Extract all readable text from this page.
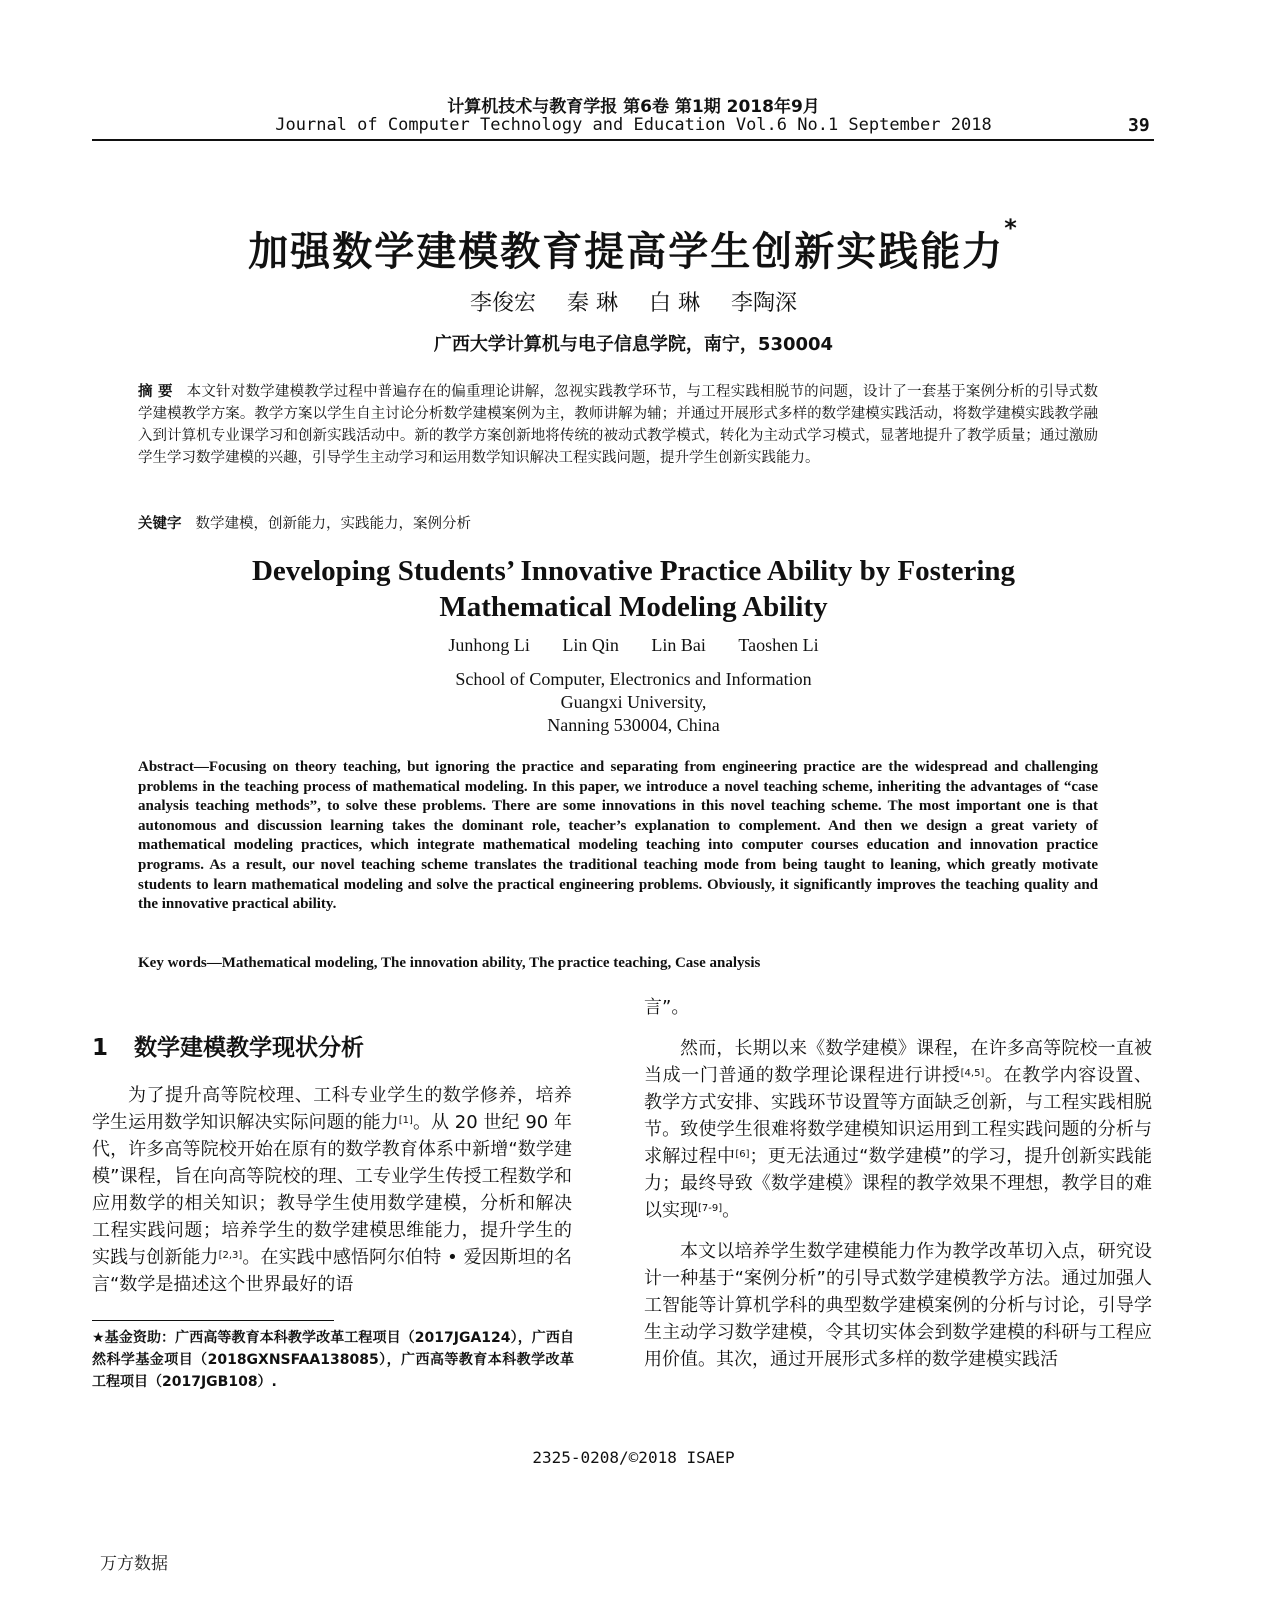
计算机技术与教育学报 第6卷 第1期 2018年9月
Journal of Computer Technology and Education Vol.6 No.1 September 2018	39
加强数学建模教育提高学生创新实践能力*
李俊宏 秦 琳 白 琳 李陶深
广西大学计算机与电子信息学院，南宁，530004
摘 要 本文针对数学建模教学过程中普遍存在的偏重理论讲解，忽视实践教学环节，与工程实践相脱节的问题，设计了一套基于案例分析的引导式数学建模教学方案。教学方案以学生自主讨论分析数学建模案例为主，教师讲解为辅；并通过开展形式多样的数学建模实践活动，将数学建模实践教学融入到计算机专业课学习和创新实践活动中。新的教学方案创新地将传统的被动式教学模式，转化为主动式学习模式，显著地提升了教学质量；通过激励学生学习数学建模的兴趣，引导学生主动学习和运用数学知识解决工程实践问题，提升学生创新实践能力。
关键字 数学建模，创新能力，实践能力，案例分析
Developing Students’ Innovative Practice Ability by Fostering
Mathematical Modeling Ability
Junhong Li Lin Qin Lin Bai Taoshen Li
School of Computer, Electronics and Information
Guangxi University,
Nanning 530004, China
Abstract—Focusing on theory teaching, but ignoring the practice and separating from engineering practice are the widespread and challenging problems in the teaching process of mathematical modeling. In this paper, we introduce a novel teaching scheme, inheriting the advantages of “case analysis teaching methods”, to solve these problems. There are some innovations in this novel teaching scheme. The most important one is that autonomous and discussion learning takes the dominant role, teacher’s explanation to complement. And then we design a great variety of mathematical modeling practices, which integrate mathematical modeling teaching into computer courses education and innovation practice programs. As a result, our novel teaching scheme translates the traditional teaching mode from being taught to leaning, which greatly motivate students to learn mathematical modeling and solve the practical engineering problems. Obviously, it significantly improves the teaching quality and the innovative practical ability.
Key words—Mathematical modeling, The innovation ability, The practice teaching, Case analysis
1 数学建模教学现状分析

为了提升高等院校理、工科专业学生的数学修养，培养学生运用数学知识解决实际问题的能力[1]。从 20 世纪 90 年代，许多高等院校开始在原有的数学教育体系中新增“数学建模”课程，旨在向高等院校的理、工专业学生传授工程数学和应用数学的相关知识；教导学生使用数学建模，分析和解决工程实践问题；培养学生的数学建模思维能力，提升学生的实践与创新能力[2,3]。在实践中感悟阿尔伯特 • 爱因斯坦的名言“数学是描述这个世界最好的语

★基金资助：广西高等教育本科教学改革工程项目（2017JGA124），广西自然科学基金项目（2018GXNSFAA138085），广西高等教育本科教学改革工程项目（2017JGB108）.

言”。

然而，长期以来《数学建模》课程，在许多高等院校一直被当成一门普通的数学理论课程进行讲授[4,5]。在教学内容设置、教学方式安排、实践环节设置等方面缺乏创新，与工程实践相脱节。致使学生很难将数学建模知识运用到工程实践问题的分析与求解过程中[6]；更无法通过“数学建模”的学习，提升创新实践能力；最终导致《数学建模》课程的教学效果不理想，教学目的难以实现[7-9]。

本文以培养学生数学建模能力作为教学改革切入点，研究设计一种基于“案例分析”的引导式数学建模教学方法。通过加强人工智能等计算机学科的典型数学建模案例的分析与讨论，引导学生主动学习数学建模，令其切实体会到数学建模的科研与工程应用价值。其次，通过开展形式多样的数学建模实践活

2325-0208/©2018 ISAEP
万方数据
